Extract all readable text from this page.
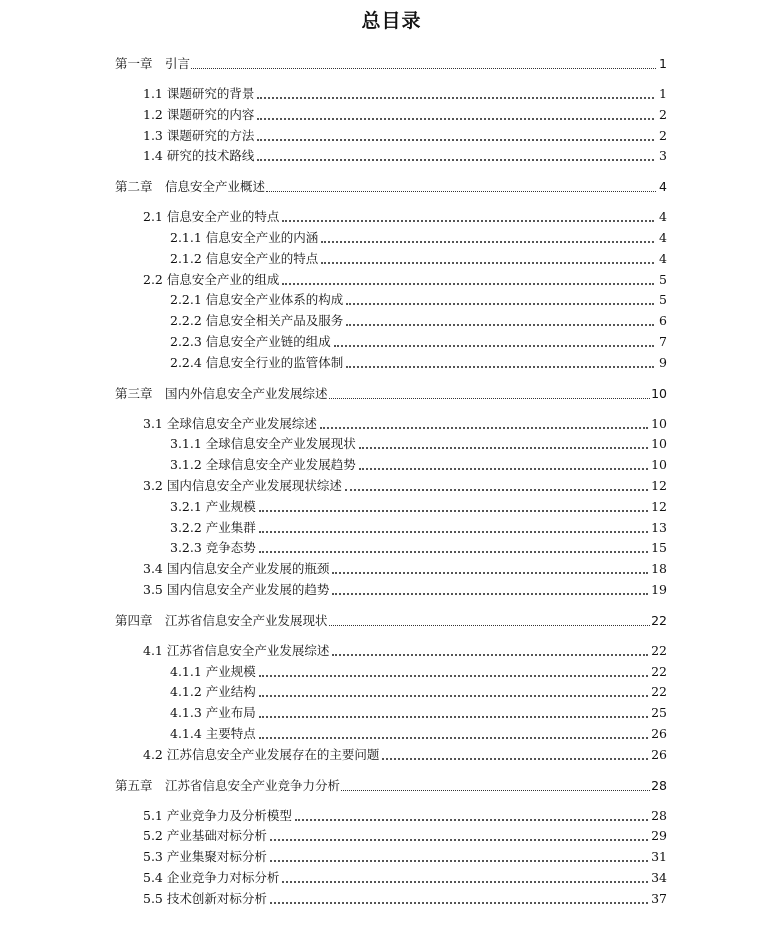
总目录
第一章　引言	1
1.1 课题研究的背景	1
1.2 课题研究的内容	2
1.3 课题研究的方法	2
1.4 研究的技术路线	3
第二章　信息安全产业概述	4
2.1 信息安全产业的特点	4
2.1.1 信息安全产业的内涵	4
2.1.2 信息安全产业的特点	4
2.2 信息安全产业的组成	5
2.2.1 信息安全产业体系的构成	5
2.2.2 信息安全相关产品及服务	6
2.2.3 信息安全产业链的组成	7
2.2.4 信息安全行业的监管体制	9
第三章　国内外信息安全产业发展综述	10
3.1 全球信息安全产业发展综述	10
3.1.1 全球信息安全产业发展现状	10
3.1.2 全球信息安全产业发展趋势	10
3.2 国内信息安全产业发展现状综述	12
3.2.1 产业规模	12
3.2.2 产业集群	13
3.2.3 竞争态势	15
3.4 国内信息安全产业发展的瓶颈	18
3.5 国内信息安全产业发展的趋势	19
第四章　江苏省信息安全产业发展现状	22
4.1 江苏省信息安全产业发展综述	22
4.1.1 产业规模	22
4.1.2 产业结构	22
4.1.3 产业布局	25
4.1.4 主要特点	26
4.2 江苏信息安全产业发展存在的主要问题	26
第五章　江苏省信息安全产业竞争力分析	28
5.1 产业竞争力及分析模型	28
5.2 产业基础对标分析	29
5.3 产业集聚对标分析	31
5.4 企业竞争力对标分析	34
5.5 技术创新对标分析	37
